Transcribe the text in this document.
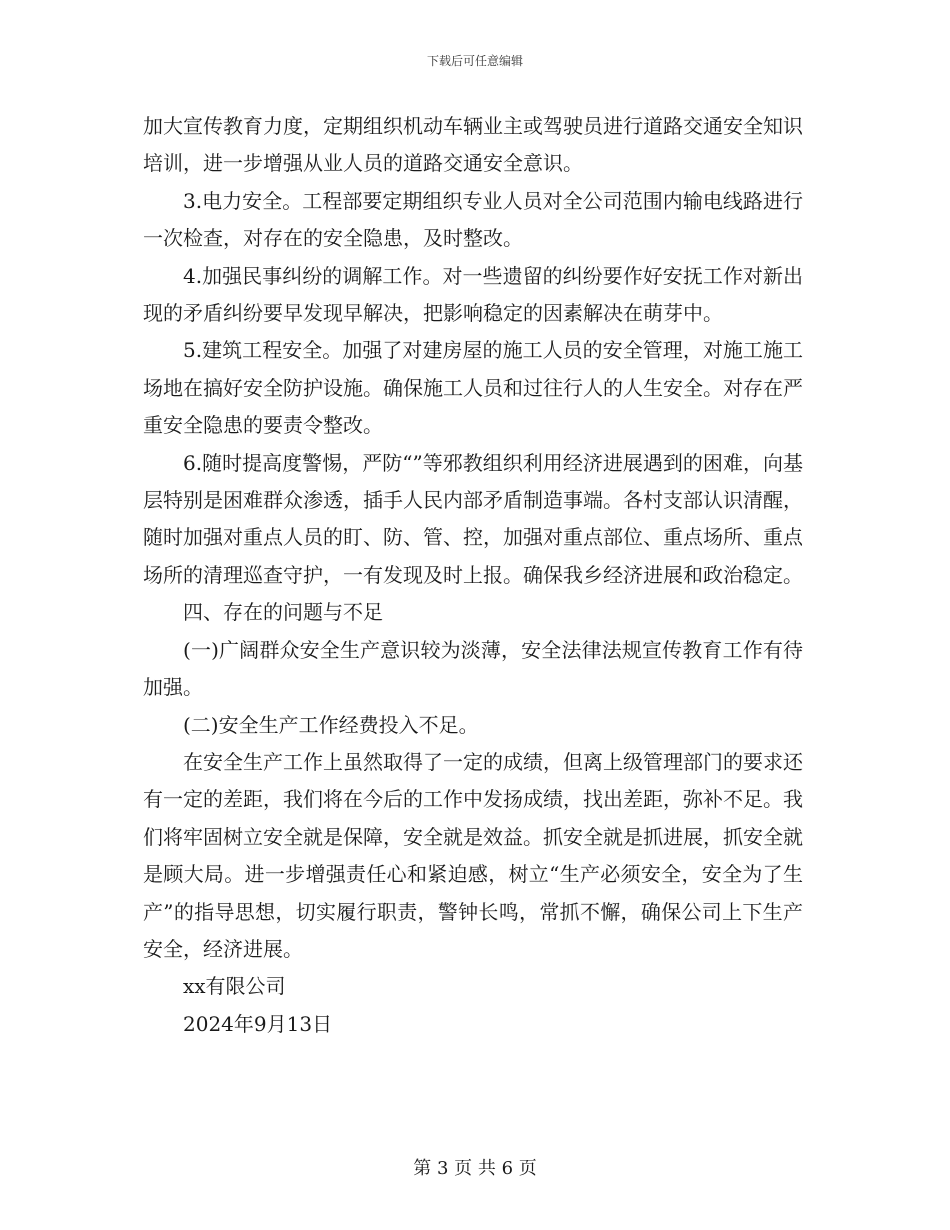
下载后可任意编辑

加大宣传教育力度，定期组织机动车辆业主或驾驶员进行道路交通安全知识培训，进一步增强从业人员的道路交通安全意识。

3.电力安全。工程部要定期组织专业人员对全公司范围内输电线路进行一次检查，对存在的安全隐患，及时整改。

4.加强民事纠纷的调解工作。对一些遗留的纠纷要作好安抚工作对新出现的矛盾纠纷要早发现早解决，把影响稳定的因素解决在萌芽中。

5.建筑工程安全。加强了对建房屋的施工人员的安全管理，对施工施工场地在搞好安全防护设施。确保施工人员和过往行人的人生安全。对存在严重安全隐患的要责令整改。

6.随时提高度警惕，严防“”等邪教组织利用经济进展遇到的困难，向基层特别是困难群众渗透，插手人民内部矛盾制造事端。各村支部认识清醒，随时加强对重点人员的盯、防、管、控，加强对重点部位、重点场所、重点场所的清理巡查守护，一有发现及时上报。确保我乡经济进展和政治稳定。

四、存在的问题与不足

(一)广阔群众安全生产意识较为淡薄，安全法律法规宣传教育工作有待加强。

(二)安全生产工作经费投入不足。

在安全生产工作上虽然取得了一定的成绩，但离上级管理部门的要求还有一定的差距，我们将在今后的工作中发扬成绩，找出差距，弥补不足。我们将牢固树立安全就是保障，安全就是效益。抓安全就是抓进展，抓安全就是顾大局。进一步增强责任心和紧迫感，树立“生产必须安全，安全为了生产”的指导思想，切实履行职责，警钟长鸣，常抓不懈，确保公司上下生产安全，经济进展。

xx有限公司

2024年9月13日

第 3 页 共 6 页
